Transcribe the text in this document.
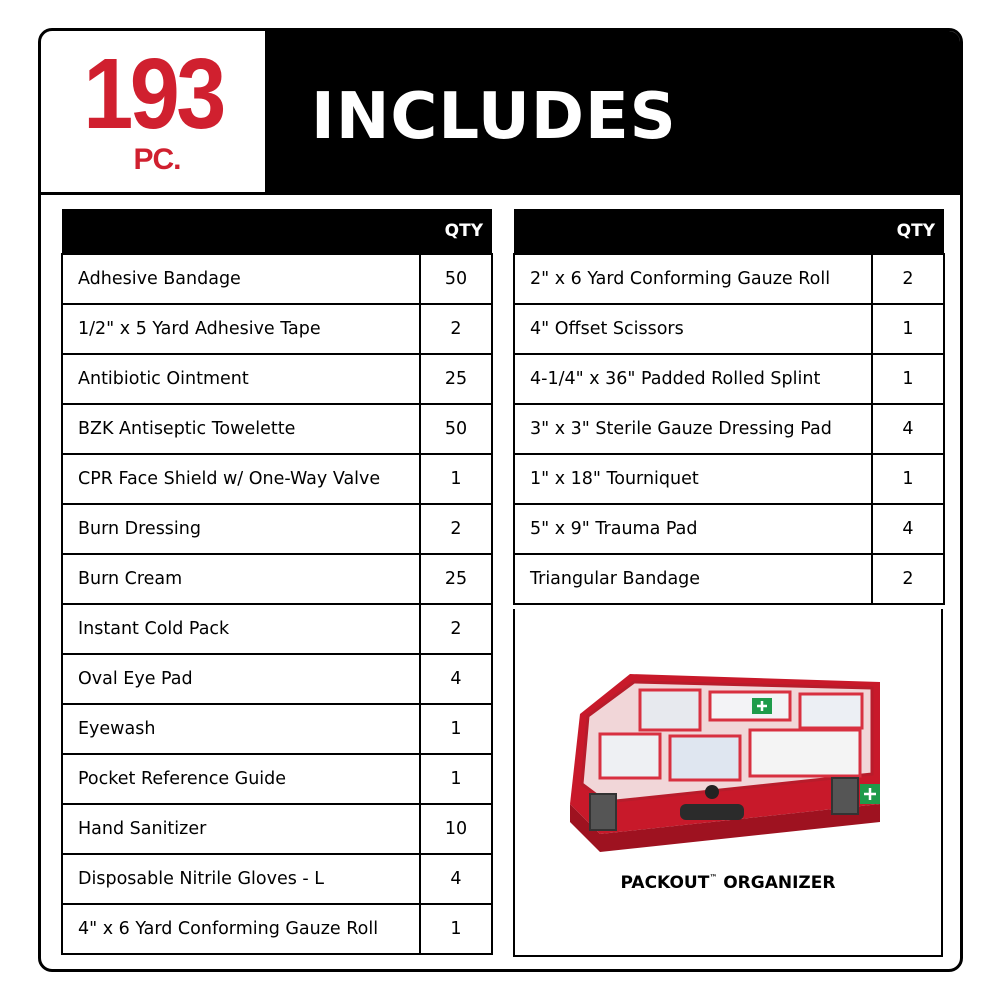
193
PC.
INCLUDES
	QTY
Adhesive Bandage	50
1/2" x 5 Yard Adhesive Tape	2
Antibiotic Ointment	25
BZK Antiseptic Towelette	50
CPR Face Shield w/ One-Way Valve	1
Burn Dressing	2
Burn Cream	25
Instant Cold Pack	2
Oval Eye Pad	4
Eyewash	1
Pocket Reference Guide	1
Hand Sanitizer	10
Disposable Nitrile Gloves - L	4
4" x 6 Yard Conforming Gauze Roll	1
	QTY
2" x 6 Yard Conforming Gauze Roll	2
4" Offset Scissors	1
4-1/4" x 36" Padded Rolled Splint	1
3" x 3" Sterile Gauze Dressing Pad	4
1" x 18" Tourniquet	1
5" x 9" Trauma Pad	4
Triangular Bandage	2
PACKOUT™ ORGANIZER
